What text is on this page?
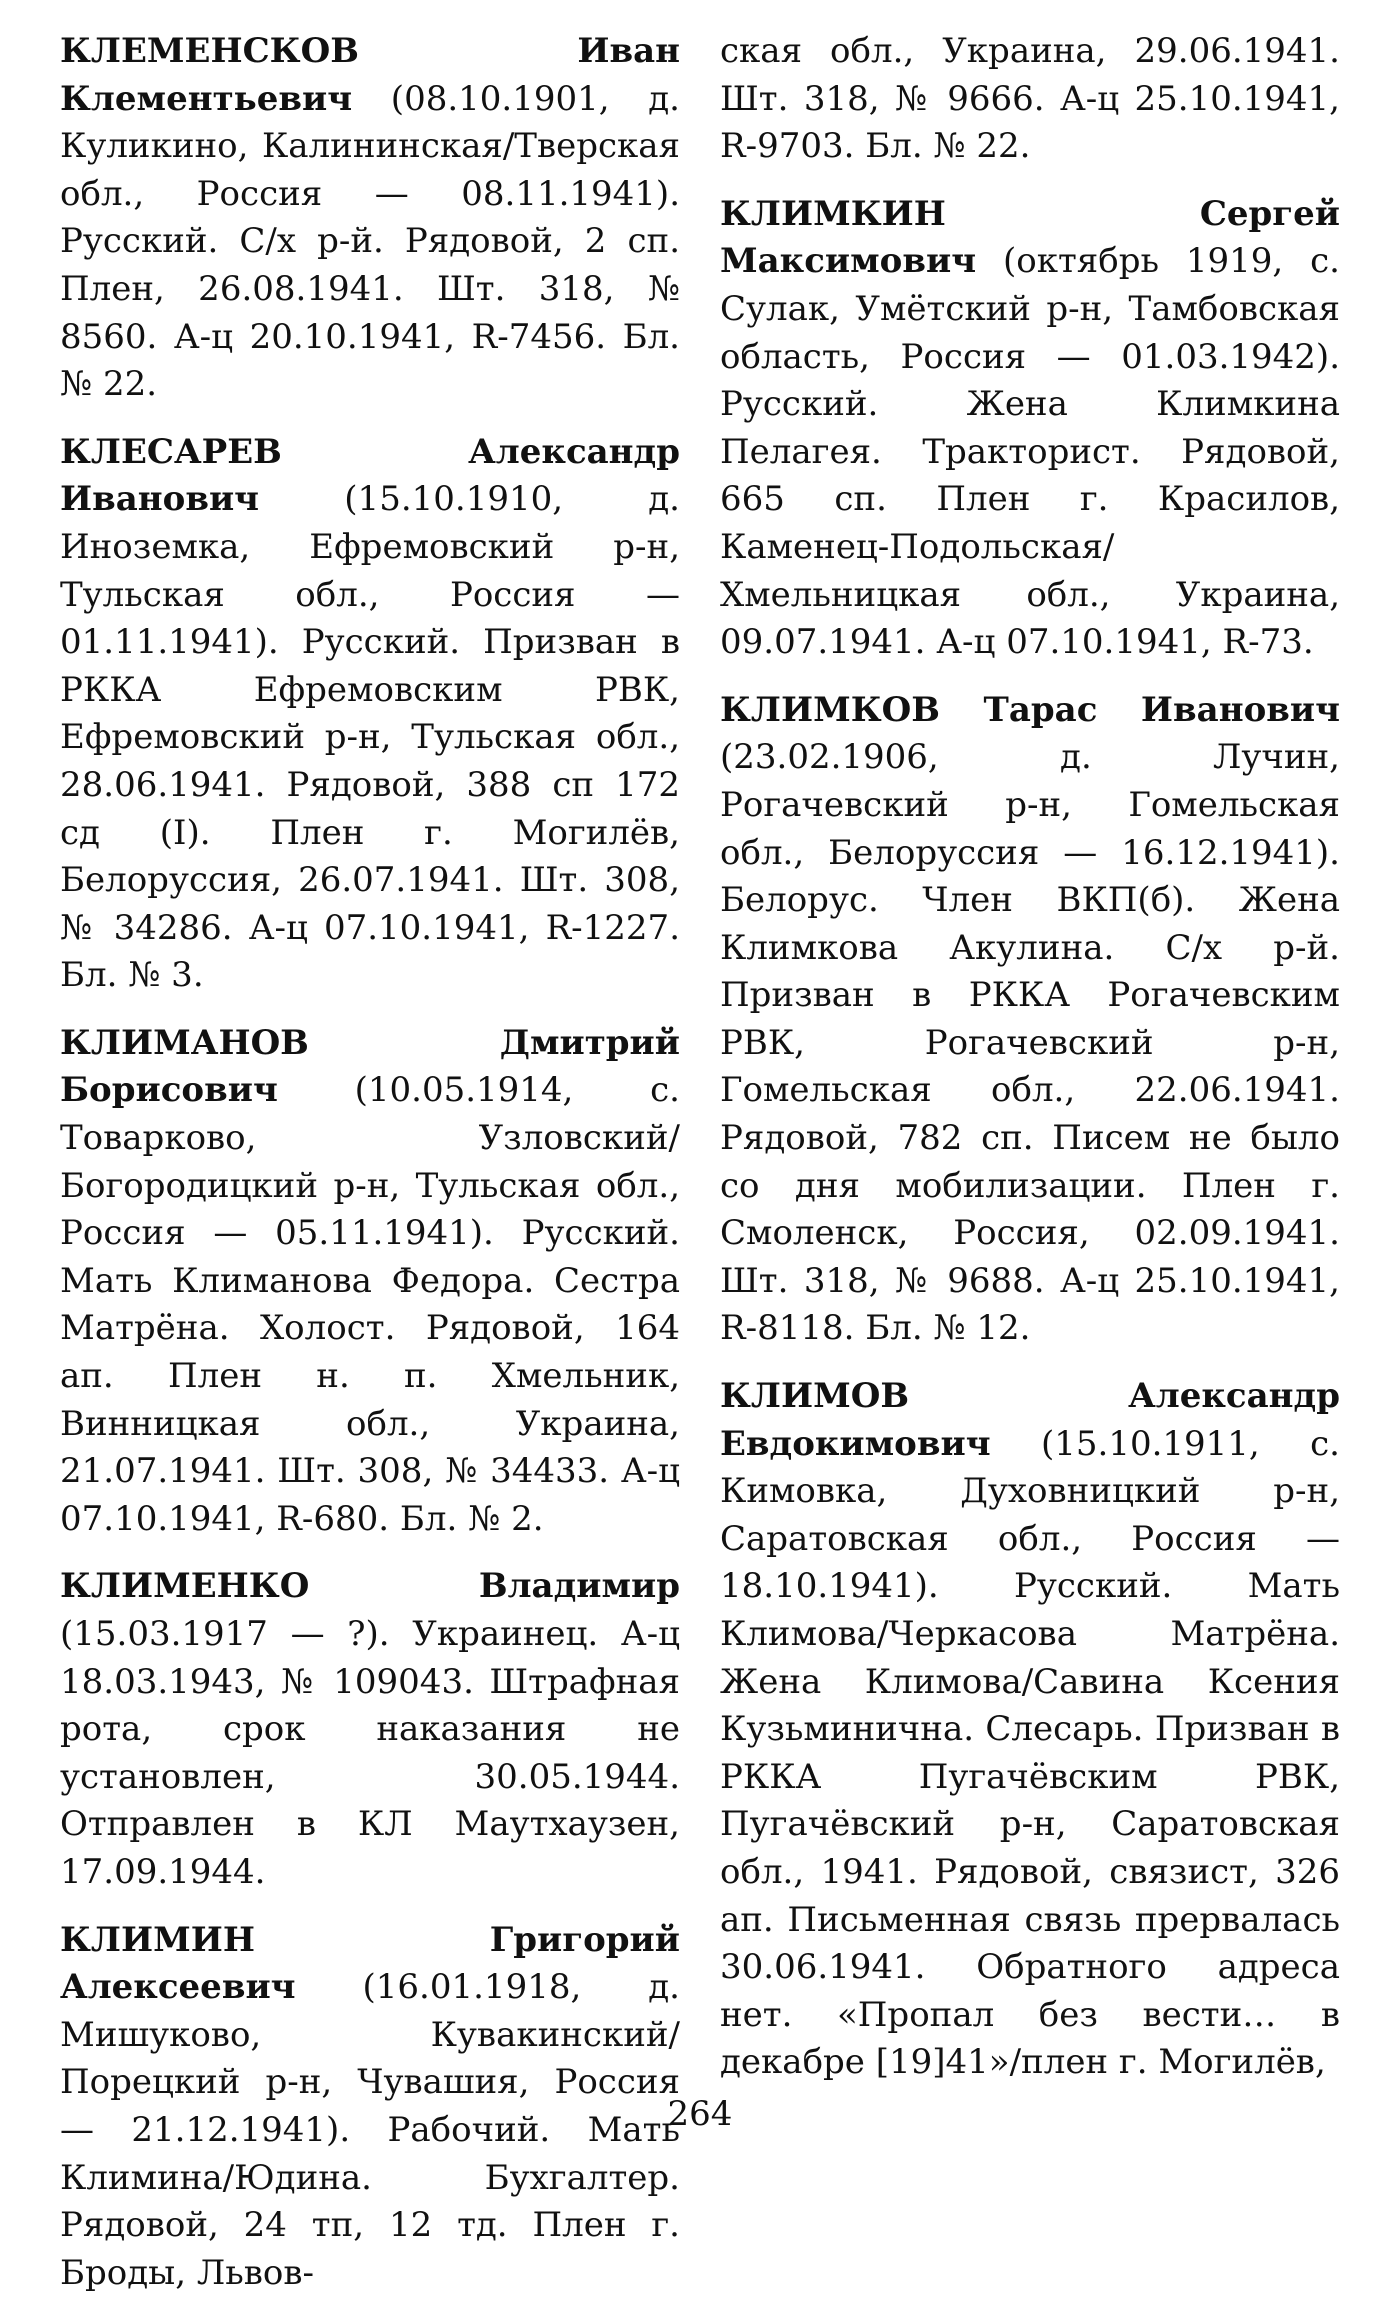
КЛЕМЕНСКОВ Иван Клементьевич (08.10.1901, д. Куликино, Калининская/Тверская обл., Россия — 08.11.1941). Русский. С/х р-й. Рядовой, 2 сп. Плен, 26.08.1941. Шт. 318, № 8560. А-ц 20.10.1941, R-7456. Бл. № 22.

КЛЕСАРЕВ Александр Иванович (15.10.1910, д. Иноземка, Ефремовский р-н, Тульская обл., Россия — 01.11.1941). Русский. Призван в РККА Ефремовским РВК, Ефремовский р-н, Тульская обл., 28.06.1941. Рядовой, 388 сп 172 сд (I). Плен г. Могилёв, Белоруссия, 26.07.1941. Шт. 308, № 34286. А-ц 07.10.1941, R-1227. Бл. № 3.

КЛИМАНОВ Дмитрий Борисович (10.05.1914, с. Товарково, Узловский/Богородицкий р-н, Тульская обл., Россия — 05.11.1941). Русский. Мать Климанова Федора. Сестра Матрёна. Холост. Рядовой, 164 ап. Плен н. п. Хмельник, Винницкая обл., Украина, 21.07.1941. Шт. 308, № 34433. А-ц 07.10.1941, R-680. Бл. № 2.

КЛИМЕНКО Владимир (15.03.1917 — ?). Украинец. А-ц 18.03.1943, № 109043. Штрафная рота, срок наказания не установлен, 30.05.1944. Отправлен в КЛ Маутхаузен, 17.09.1944.

КЛИМИН Григорий Алексеевич (16.01.1918, д. Мишуково, Кувакинский/Порецкий р-н, Чувашия, Россия — 21.12.1941). Рабочий. Мать Климина/Юдина. Бухгалтер. Рядовой, 24 тп, 12 тд. Плен г. Броды, Львов-

ская обл., Украина, 29.06.1941. Шт. 318, № 9666. А-ц 25.10.1941, R-9703. Бл. № 22.

КЛИМКИН Сергей Максимович (октябрь 1919, с. Сулак, Умётский р-н, Тамбовская область, Россия — 01.03.1942). Русский. Жена Климкина Пелагея. Тракторист. Рядовой, 665 сп. Плен г. Красилов, Каменец-Подольская/Хмельницкая обл., Украина, 09.07.1941. А-ц 07.10.1941, R-73.

КЛИМКОВ Тарас Иванович (23.02.1906, д. Лучин, Рогачевский р-н, Гомельская обл., Белоруссия — 16.12.1941). Белорус. Член ВКП(б). Жена Климкова Акулина. С/х р-й. Призван в РККА Рогачевским РВК, Рогачевский р-н, Гомельская обл., 22.06.1941. Рядовой, 782 сп. Писем не было со дня мобилизации. Плен г. Смоленск, Россия, 02.09.1941. Шт. 318, № 9688. А-ц 25.10.1941, R-8118. Бл. № 12.

КЛИМОВ Александр Евдокимович (15.10.1911, с. Кимовка, Духовницкий р-н, Саратовская обл., Россия — 18.10.1941). Русский. Мать Климова/Черкасова Матрёна. Жена Климова/Савина Ксения Кузьминична. Слесарь. Призван в РККА Пугачёвским РВК, Пугачёвский р-н, Саратовская обл., 1941. Рядовой, связист, 326 ап. Письменная связь прервалась 30.06.1941. Обратного адреса нет. «Пропал без вести… в декабре [19]41»/плен г. Могилёв,

264
